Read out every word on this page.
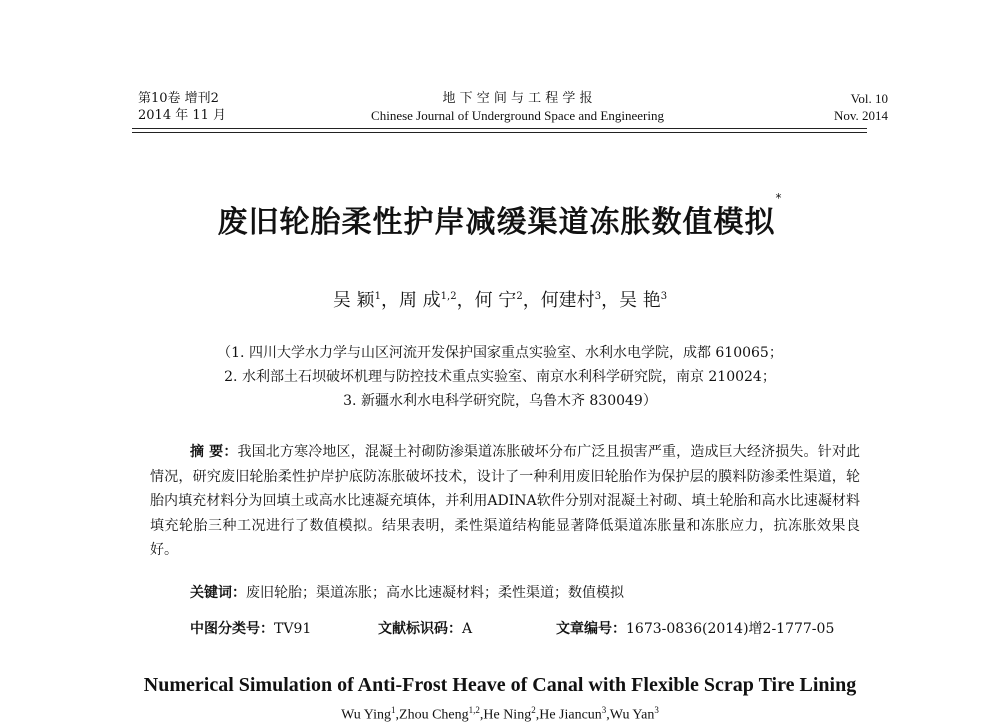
第10卷 增刊2
2014 年 11 月
地 下 空 间 与 工 程 学 报
Chinese Journal of Underground Space and Engineering
Vol. 10
Nov. 2014
废旧轮胎柔性护岸减缓渠道冻胀数值模拟*
吴 颖$^1$，周 成$^{1,2}$，何 宁$^2$，何建村$^3$，吴 艳$^3$
（1. 四川大学水力学与山区河流开发保护国家重点实验室、水利水电学院，成都 610065；
2. 水利部土石坝破坏机理与防控技术重点实验室、南京水利科学研究院，南京 210024；
3. 新疆水利水电科学研究院，乌鲁木齐 830049）
摘 要：我国北方寒冷地区，混凝土衬砌防渗渠道冻胀破坏分布广泛且损害严重，造成巨大经济损失。针对此情况，研究废旧轮胎柔性护岸护底防冻胀破坏技术，设计了一种利用废旧轮胎作为保护层的膜料防渗柔性渠道，轮胎内填充材料分为回填土或高水比速凝充填体，并利用ADINA软件分别对混凝土衬砌、填土轮胎和高水比速凝材料填充轮胎三种工况进行了数值模拟。结果表明，柔性渠道结构能显著降低渠道冻胀量和冻胀应力，抗冻胀效果良好。
关键词：废旧轮胎；渠道冻胀；高水比速凝材料；柔性渠道；数值模拟
中图分类号：TV91	文献标识码：A	文章编号：1673-0836(2014)增2-1777-05
Numerical Simulation of Anti-Frost Heave of Canal with Flexible Scrap Tire Lining
Wu Ying$^1$,Zhou Cheng$^{1,2}$,He Ning$^2$,He Jiancun$^3$,Wu Yan$^3$
